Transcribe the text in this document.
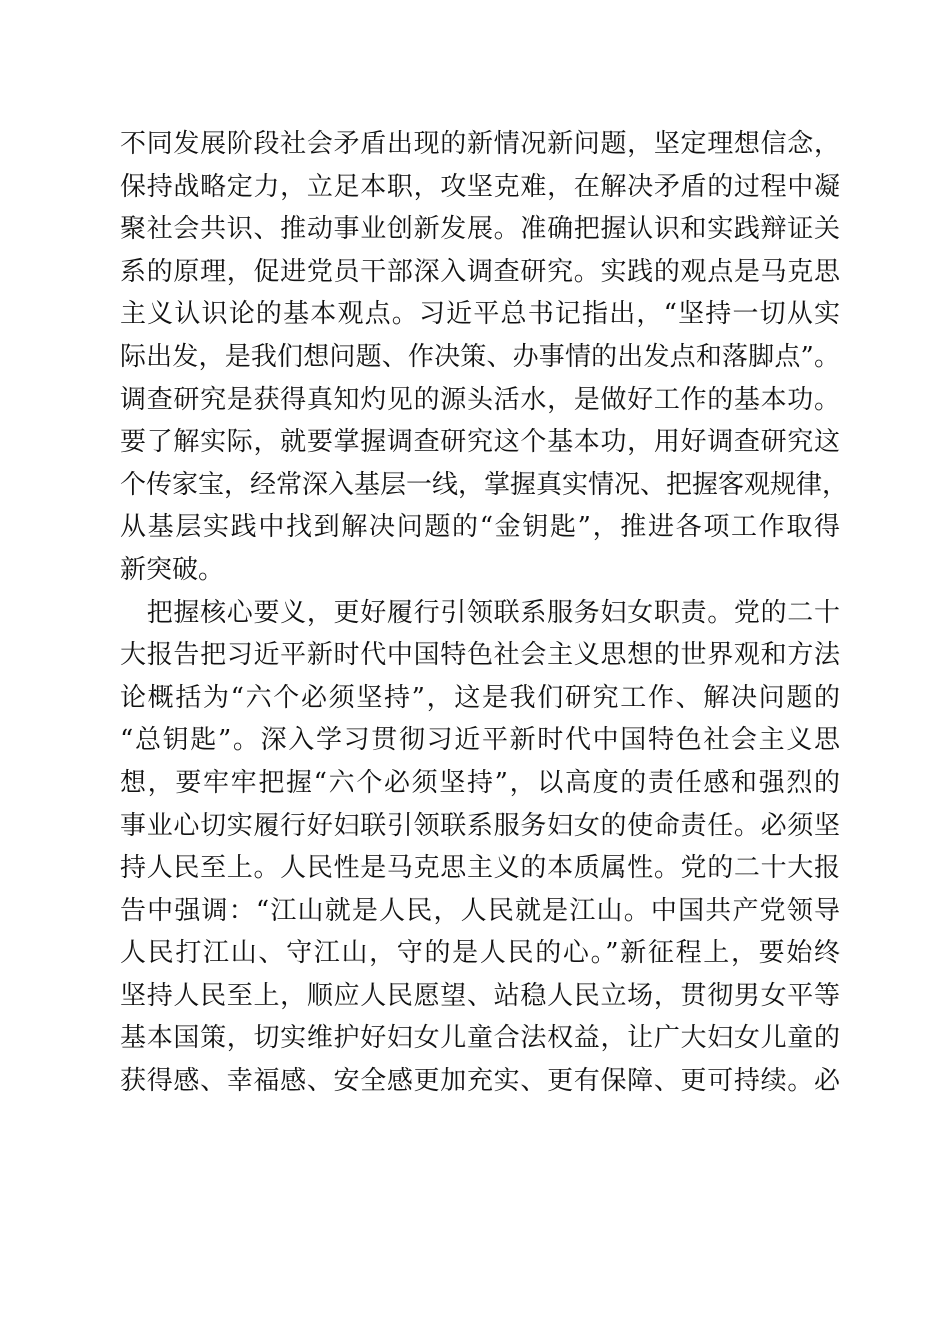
不同发展阶段社会矛盾出现的新情况新问题，坚定理想信念，
保持战略定力，立足本职，攻坚克难，在解决矛盾的过程中凝
聚社会共识、推动事业创新发展。准确把握认识和实践辩证关
系的原理，促进党员干部深入调查研究。实践的观点是马克思
主义认识论的基本观点。习近平总书记指出，“坚持一切从实
际出发，是我们想问题、作决策、办事情的出发点和落脚点”。
调查研究是获得真知灼见的源头活水，是做好工作的基本功。
要了解实际，就要掌握调查研究这个基本功，用好调查研究这
个传家宝，经常深入基层一线，掌握真实情况、把握客观规律，
从基层实践中找到解决问题的“金钥匙”，推进各项工作取得
新突破。
　把握核心要义，更好履行引领联系服务妇女职责。党的二十
大报告把习近平新时代中国特色社会主义思想的世界观和方法
论概括为“六个必须坚持”，这是我们研究工作、解决问题的
“总钥匙”。深入学习贯彻习近平新时代中国特色社会主义思
想，要牢牢把握“六个必须坚持”，以高度的责任感和强烈的
事业心切实履行好妇联引领联系服务妇女的使命责任。必须坚
持人民至上。人民性是马克思主义的本质属性。党的二十大报
告中强调：“江山就是人民，人民就是江山。中国共产党领导
人民打江山、守江山，守的是人民的心。”新征程上，要始终
坚持人民至上，顺应人民愿望、站稳人民立场，贯彻男女平等
基本国策，切实维护好妇女儿童合法权益，让广大妇女儿童的
获得感、幸福感、安全感更加充实、更有保障、更可持续。必
